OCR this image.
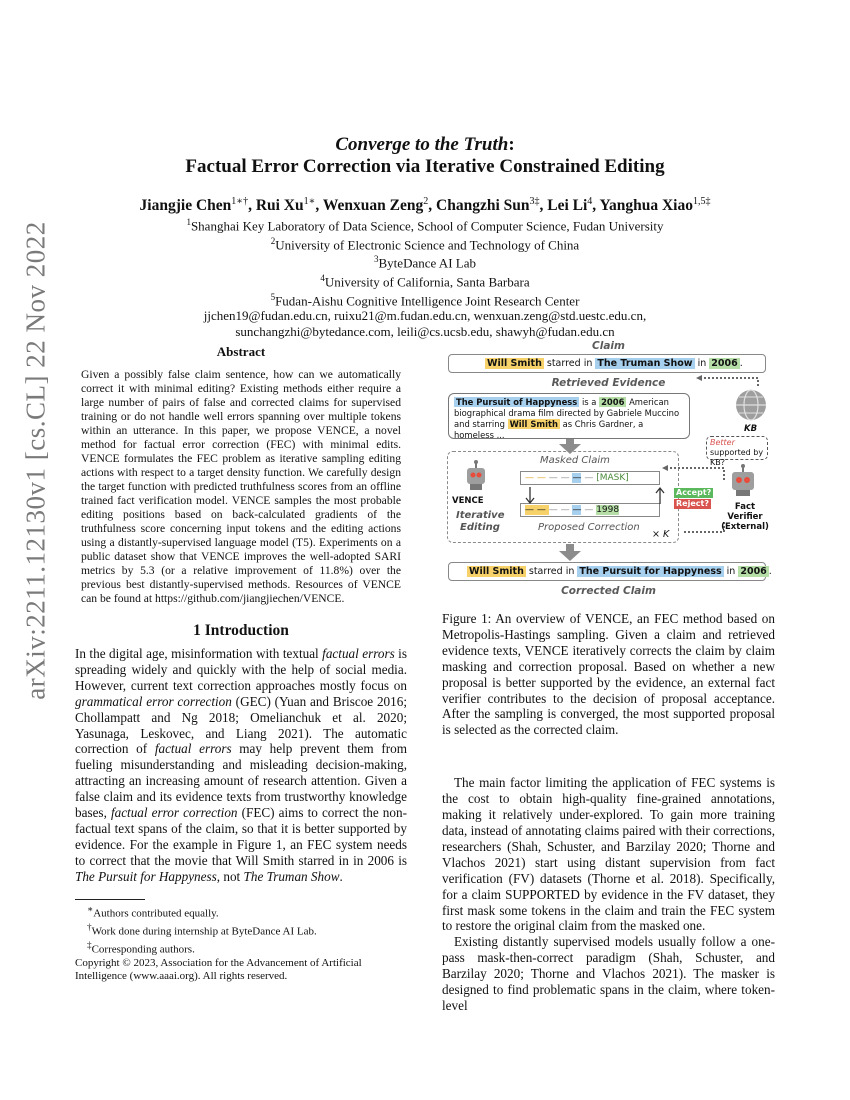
arXiv:2211.12130v1 [cs.CL] 22 Nov 2022
Converge to the Truth:
Factual Error Correction via Iterative Constrained Editing
Jiangjie Chen$^{1∗\dagger}$, Rui $Xu^{1∗}$, Wenxuan Zeng$^2$, Changzhi Sun$^{3\ddagger}$, Lei Li$^4$, Yanghua Xiao$^{1,5\ddagger}$
$^1$Shanghai Key Laboratory of Data Science, School of Computer Science, Fudan University
$^2$University of Electronic Science and Technology of China
$^3$ByteDance AI Lab
$^4$University of California, Santa Barbara
$^5$Fudan-Aishu Cognitive Intelligence Joint Research Center
jjchen19@fudan.edu.cn, ruixu21@m.fudan.edu.cn, wenxuan.zeng@std.uestc.edu.cn,
sunchangzhi@bytedance.com, leili@cs.ucsb.edu, shawyh@fudan.edu.cn
Abstract
Given a possibly false claim sentence, how can we automatically correct it with minimal editing? Existing methods either require a large number of pairs of false and corrected claims for supervised training or do not handle well errors spanning over multiple tokens within an utterance. In this paper, we propose VENCE, a novel method for factual error correction (FEC) with minimal edits. VENCE formulates the FEC problem as iterative sampling editing actions with respect to a target density function. We carefully design the target function with predicted truthfulness scores from an offline trained fact verification model. VENCE samples the most probable editing positions based on back-calculated gradients of the truthfulness score concerning input tokens and the editing actions using a distantly-supervised language model (T5). Experiments on a public dataset show that VENCE improves the well-adopted SARI metrics by 5.3 (or a relative improvement of 11.8%) over the previous best distantly-supervised methods. Resources of VENCE can be found at https://github.com/jiangjiechen/VENCE.
1 Introduction
In the digital age, misinformation with textual factual errors is spreading widely and quickly with the help of social media. However, current text correction approaches mostly focus on grammatical error correction (GEC) (Yuan and Briscoe 2016; Chollampatt and Ng 2018; Omelianchuk et al. 2020; Yasunaga, Leskovec, and Liang 2021). The automatic correction of factual errors may help prevent them from fueling misunderstanding and misleading decision-making, attracting an increasing amount of research attention. Given a false claim and its evidence texts from trustworthy knowledge bases, factual error correction (FEC) aims to correct the non-factual text spans of the claim, so that it is better supported by evidence. For the example in Figure 1, an FEC system needs to correct that the movie that Will Smith starred in in 2006 is The Pursuit for Happyness, not The Truman Show.
∗Authors contributed equally.
†Work done during internship at ByteDance AI Lab.
‡Corresponding authors.
Copyright © 2023, Association for the Advancement of Artificial Intelligence (www.aaai.org). All rights reserved.
Claim
Will Smith starred in The Truman Show in 2006 .
Retrieved Evidence
The Pursuit of Happyness is a 2006 American biographical drama film directed by Gabriele Muccino and starring Will Smith as Chris Gardner, a homeless ...
KB
VENCE
Iterative
Editing
Masked Claim
— — — — — — [MASK]
— — — — — — 1998
Proposed Correction
× K
Accept?
Reject?
Better supported by KB?
Fact Verifier
(External)
Will Smith starred in The Pursuit for Happyness in 2006 .
Corrected Claim
Figure 1: An overview of VENCE, an FEC method based on Metropolis-Hastings sampling. Given a claim and retrieved evidence texts, VENCE iteratively corrects the claim by claim masking and correction proposal. Based on whether a new proposal is better supported by the evidence, an external fact verifier contributes to the decision of proposal acceptance. After the sampling is converged, the most supported proposal is selected as the corrected claim.
The main factor limiting the application of FEC systems is the cost to obtain high-quality fine-grained annotations, making it relatively under-explored. To gain more training data, instead of annotating claims paired with their corrections, researchers (Shah, Schuster, and Barzilay 2020; Thorne and Vlachos 2021) start using distant supervision from fact verification (FV) datasets (Thorne et al. 2018). Specifically, for a claim SUPPORTED by evidence in the FV dataset, they first mask some tokens in the claim and train the FEC system to restore the original claim from the masked one.
Existing distantly supervised models usually follow a one-pass mask-then-correct paradigm (Shah, Schuster, and Barzilay 2020; Thorne and Vlachos 2021). The masker is designed to find problematic spans in the claim, where token-level
